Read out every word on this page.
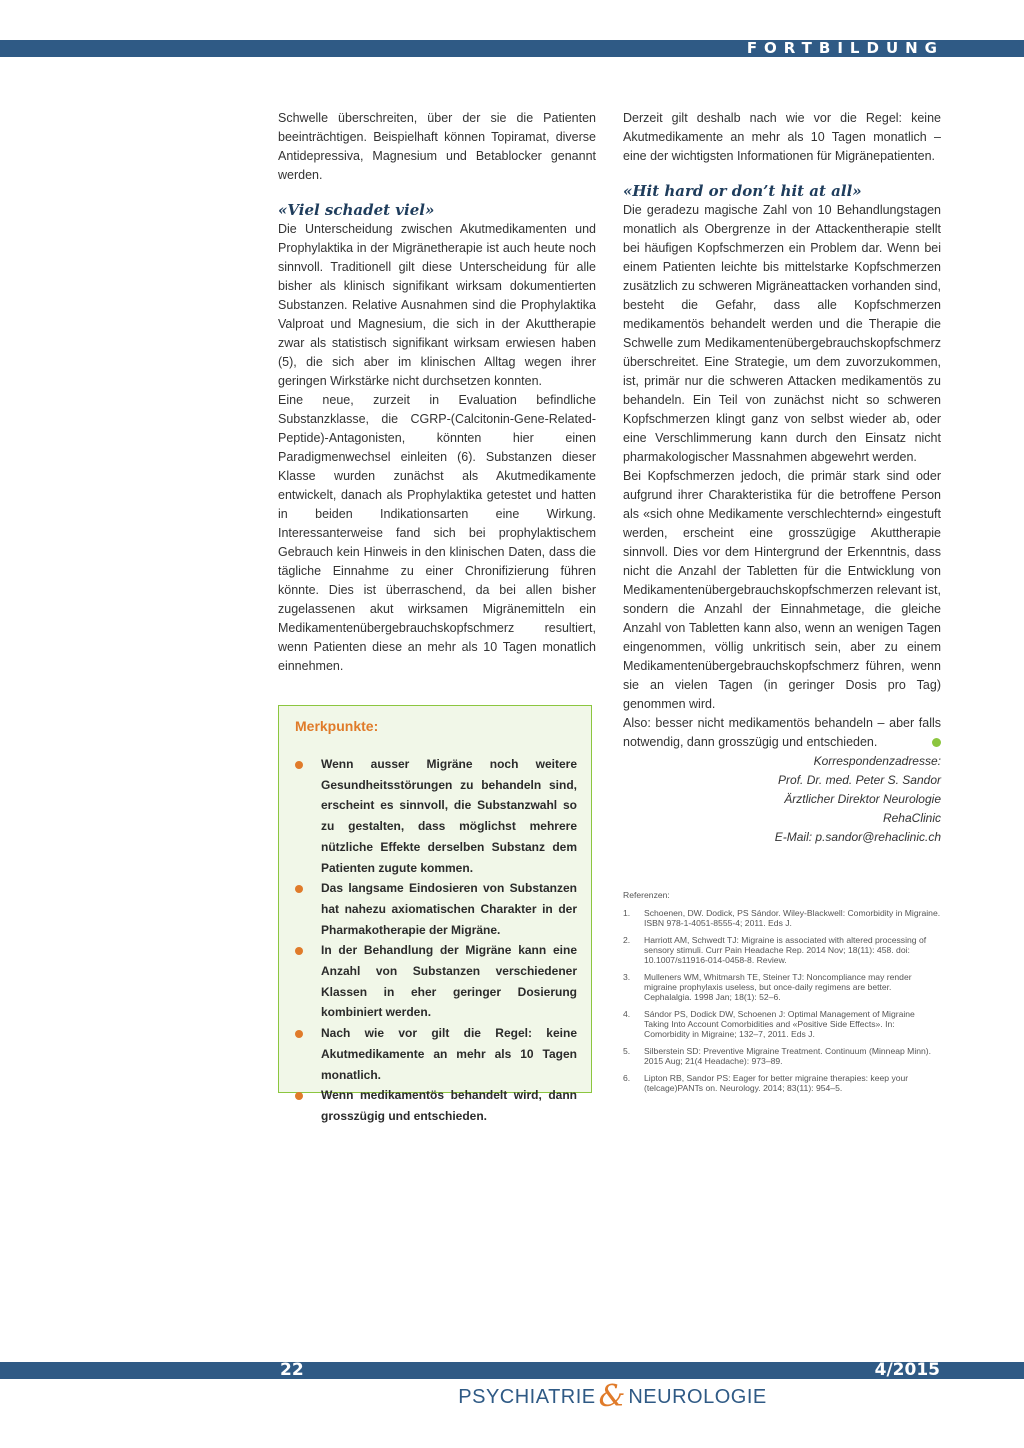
FORTBILDUNG

Schwelle überschreiten, über der sie die Patienten beeinträchtigen. Beispielhaft können Topiramat, diverse Antidepressiva, Magnesium und Betablocker genannt werden.

«Viel schadet viel»

Die Unterscheidung zwischen Akutmedikamenten und Prophylaktika in der Migränetherapie ist auch heute noch sinnvoll. Traditionell gilt diese Unterscheidung für alle bisher als klinisch signifikant wirksam dokumentierten Substanzen. Relative Ausnahmen sind die Prophylaktika Valproat und Magnesium, die sich in der Akuttherapie zwar als statistisch signifikant wirksam erwiesen haben (5), die sich aber im klinischen Alltag wegen ihrer geringen Wirkstärke nicht durchsetzen konnten.

Eine neue, zurzeit in Evaluation befindliche Substanzklasse, die CGRP-(Calcitonin-Gene-Related-Peptide)-Antagonisten, könnten hier einen Paradigmenwechsel einleiten (6). Substanzen dieser Klasse wurden zunächst als Akutmedikamente entwickelt, danach als Prophylaktika getestet und hatten in beiden Indikationsarten eine Wirkung. Interessanterweise fand sich bei prophylaktischem Gebrauch kein Hinweis in den klinischen Daten, dass die tägliche Einnahme zu einer Chronifizierung führen könnte. Dies ist überraschend, da bei allen bisher zugelassenen akut wirksamen Migränemitteln ein Medikamentenübergebrauchskopfschmerz resultiert, wenn Patienten diese an mehr als 10 Tagen monatlich einnehmen.

Merkpunkte:
Wenn ausser Migräne noch weitere Gesundheitsstörungen zu behandeln sind, erscheint es sinnvoll, die Substanzwahl so zu gestalten, dass möglichst mehrere nützliche Effekte derselben Substanz dem Patienten zugute kommen.
Das langsame Eindosieren von Substanzen hat nahezu axiomatischen Charakter in der Pharmakotherapie der Migräne.
In der Behandlung der Migräne kann eine Anzahl von Substanzen verschiedener Klassen in eher geringer Dosierung kombiniert werden.
Nach wie vor gilt die Regel: keine Akutmedikamente an mehr als 10 Tagen monatlich.
Wenn medikamentös behandelt wird, dann grosszügig und entschieden.

Derzeit gilt deshalb nach wie vor die Regel: keine Akutmedikamente an mehr als 10 Tagen monatlich – eine der wichtigsten Informationen für Migränepatienten.

«Hit hard or don’t hit at all»

Die geradezu magische Zahl von 10 Behandlungstagen monatlich als Obergrenze in der Attackentherapie stellt bei häufigen Kopfschmerzen ein Problem dar. Wenn bei einem Patienten leichte bis mittelstarke Kopfschmerzen zusätzlich zu schweren Migräneattacken vorhanden sind, besteht die Gefahr, dass alle Kopfschmerzen medikamentös behandelt werden und die Therapie die Schwelle zum Medikamentenübergebrauchskopfschmerz überschreitet. Eine Strategie, um dem zuvorzukommen, ist, primär nur die schweren Attacken medikamentös zu behandeln. Ein Teil von zunächst nicht so schweren Kopfschmerzen klingt ganz von selbst wieder ab, oder eine Verschlimmerung kann durch den Einsatz nicht pharmakologischer Massnahmen abgewehrt werden.

Bei Kopfschmerzen jedoch, die primär stark sind oder aufgrund ihrer Charakteristika für die betroffene Person als «sich ohne Medikamente verschlechternd» eingestuft werden, erscheint eine grosszügige Akuttherapie sinnvoll. Dies vor dem Hintergrund der Erkenntnis, dass nicht die Anzahl der Tabletten für die Entwicklung von Medikamentenübergebrauchskopfschmerzen relevant ist, sondern die Anzahl der Einnahmetage, die gleiche Anzahl von Tabletten kann also, wenn an wenigen Tagen eingenommen, völlig unkritisch sein, aber zu einem Medikamentenübergebrauchskopfschmerz führen, wenn sie an vielen Tagen (in geringer Dosis pro Tag) genommen wird.

Also: besser nicht medikamentös behandeln – aber falls notwendig, dann grosszügig und entschieden.

Korrespondenzadresse:
Prof. Dr. med. Peter S. Sandor
Ärztlicher Direktor Neurologie
RehaClinic
E-Mail: p.sandor@rehaclinic.ch
Referenzen:
1. Schoenen, DW. Dodick, PS Sándor. Wiley-Blackwell: Comorbidity in Migraine. ISBN 978-1-4051-8555-4; 2011. Eds J.
2. Harriott AM, Schwedt TJ: Migraine is associated with altered processing of sensory stimuli. Curr Pain Headache Rep. 2014 Nov; 18(11): 458. doi: 10.1007/s11916-014-0458-8. Review.
3. Mulleners WM, Whitmarsh TE, Steiner TJ: Noncompliance may render migraine prophylaxis useless, but once-daily regimens are better. Cephalalgia. 1998 Jan; 18(1): 52–6.
4. Sándor PS, Dodick DW, Schoenen J: Optimal Management of Migraine Taking Into Account Comorbidities and «Positive Side Effects». In: Comorbidity in Migraine; 132–7, 2011. Eds J.
5. Silberstein SD: Preventive Migraine Treatment. Continuum (Minneap Minn). 2015 Aug; 21(4 Headache): 973–89.
6. Lipton RB, Sandor PS: Eager for better migraine therapies: keep your (telcage)PANTs on. Neurology. 2014; 83(11): 954–5.
22	4/2015
PSYCHIATRIE & NEUROLOGIE
